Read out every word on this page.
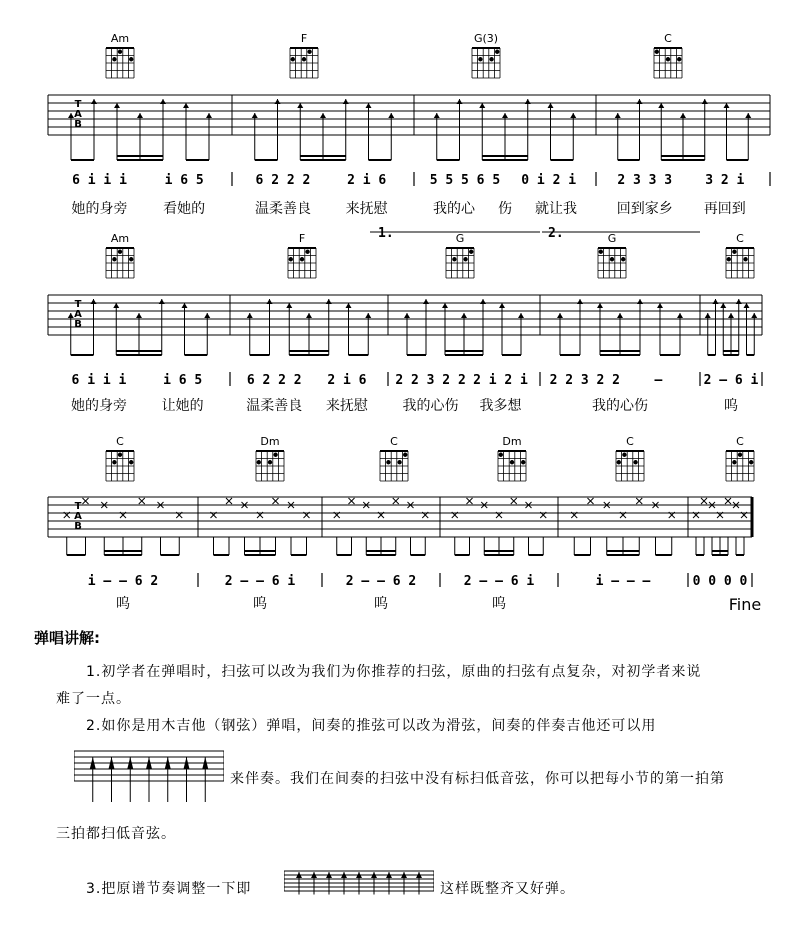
Am	F	G(3)	C
T
A
B
6 i i i	i 6 5
她的身旁	看她的
6 2 2 2	2 i 6
温柔善良 来抚慰
5 5 5 6 5 0 i 2 i
我的心 伤 就让我
2 3 3 3	3 2 i
回到家乡 再回到
Am	F	G	G	C
T
A
B
6 i i i	i 6 5
她的身旁 让她的
6 2 2 2 2 i 6
温柔善良 来抚慰
2 2 3 2 2 2 i 2 i
我的心伤 我多想
2 2 3 2 2	—
我的心伤
2 — 6 i
呜
1.	2.
C	Dm	C	Dm	C	C
T
A
B
i — — 6 2
呜
2 — — 6 i
呜
2 — — 6 2
呜
2 — — 6 i
呜
i — — —	0 0 0 0
Fine
弹唱讲解:
1.初学者在弹唱时，扫弦可以改为我们为你推荐的扫弦，原曲的扫弦有点复杂，对初学者来说
难了一点。
2.如你是用木吉他（钢弦）弹唱，间奏的推弦可以改为滑弦，间奏的伴奏吉他还可以用
来伴奏。我们在间奏的扫弦中没有标扫低音弦，你可以把每小节的第一拍第
三拍都扫低音弦。
3.把原谱节奏调整一下即	这样既整齐又好弹。
